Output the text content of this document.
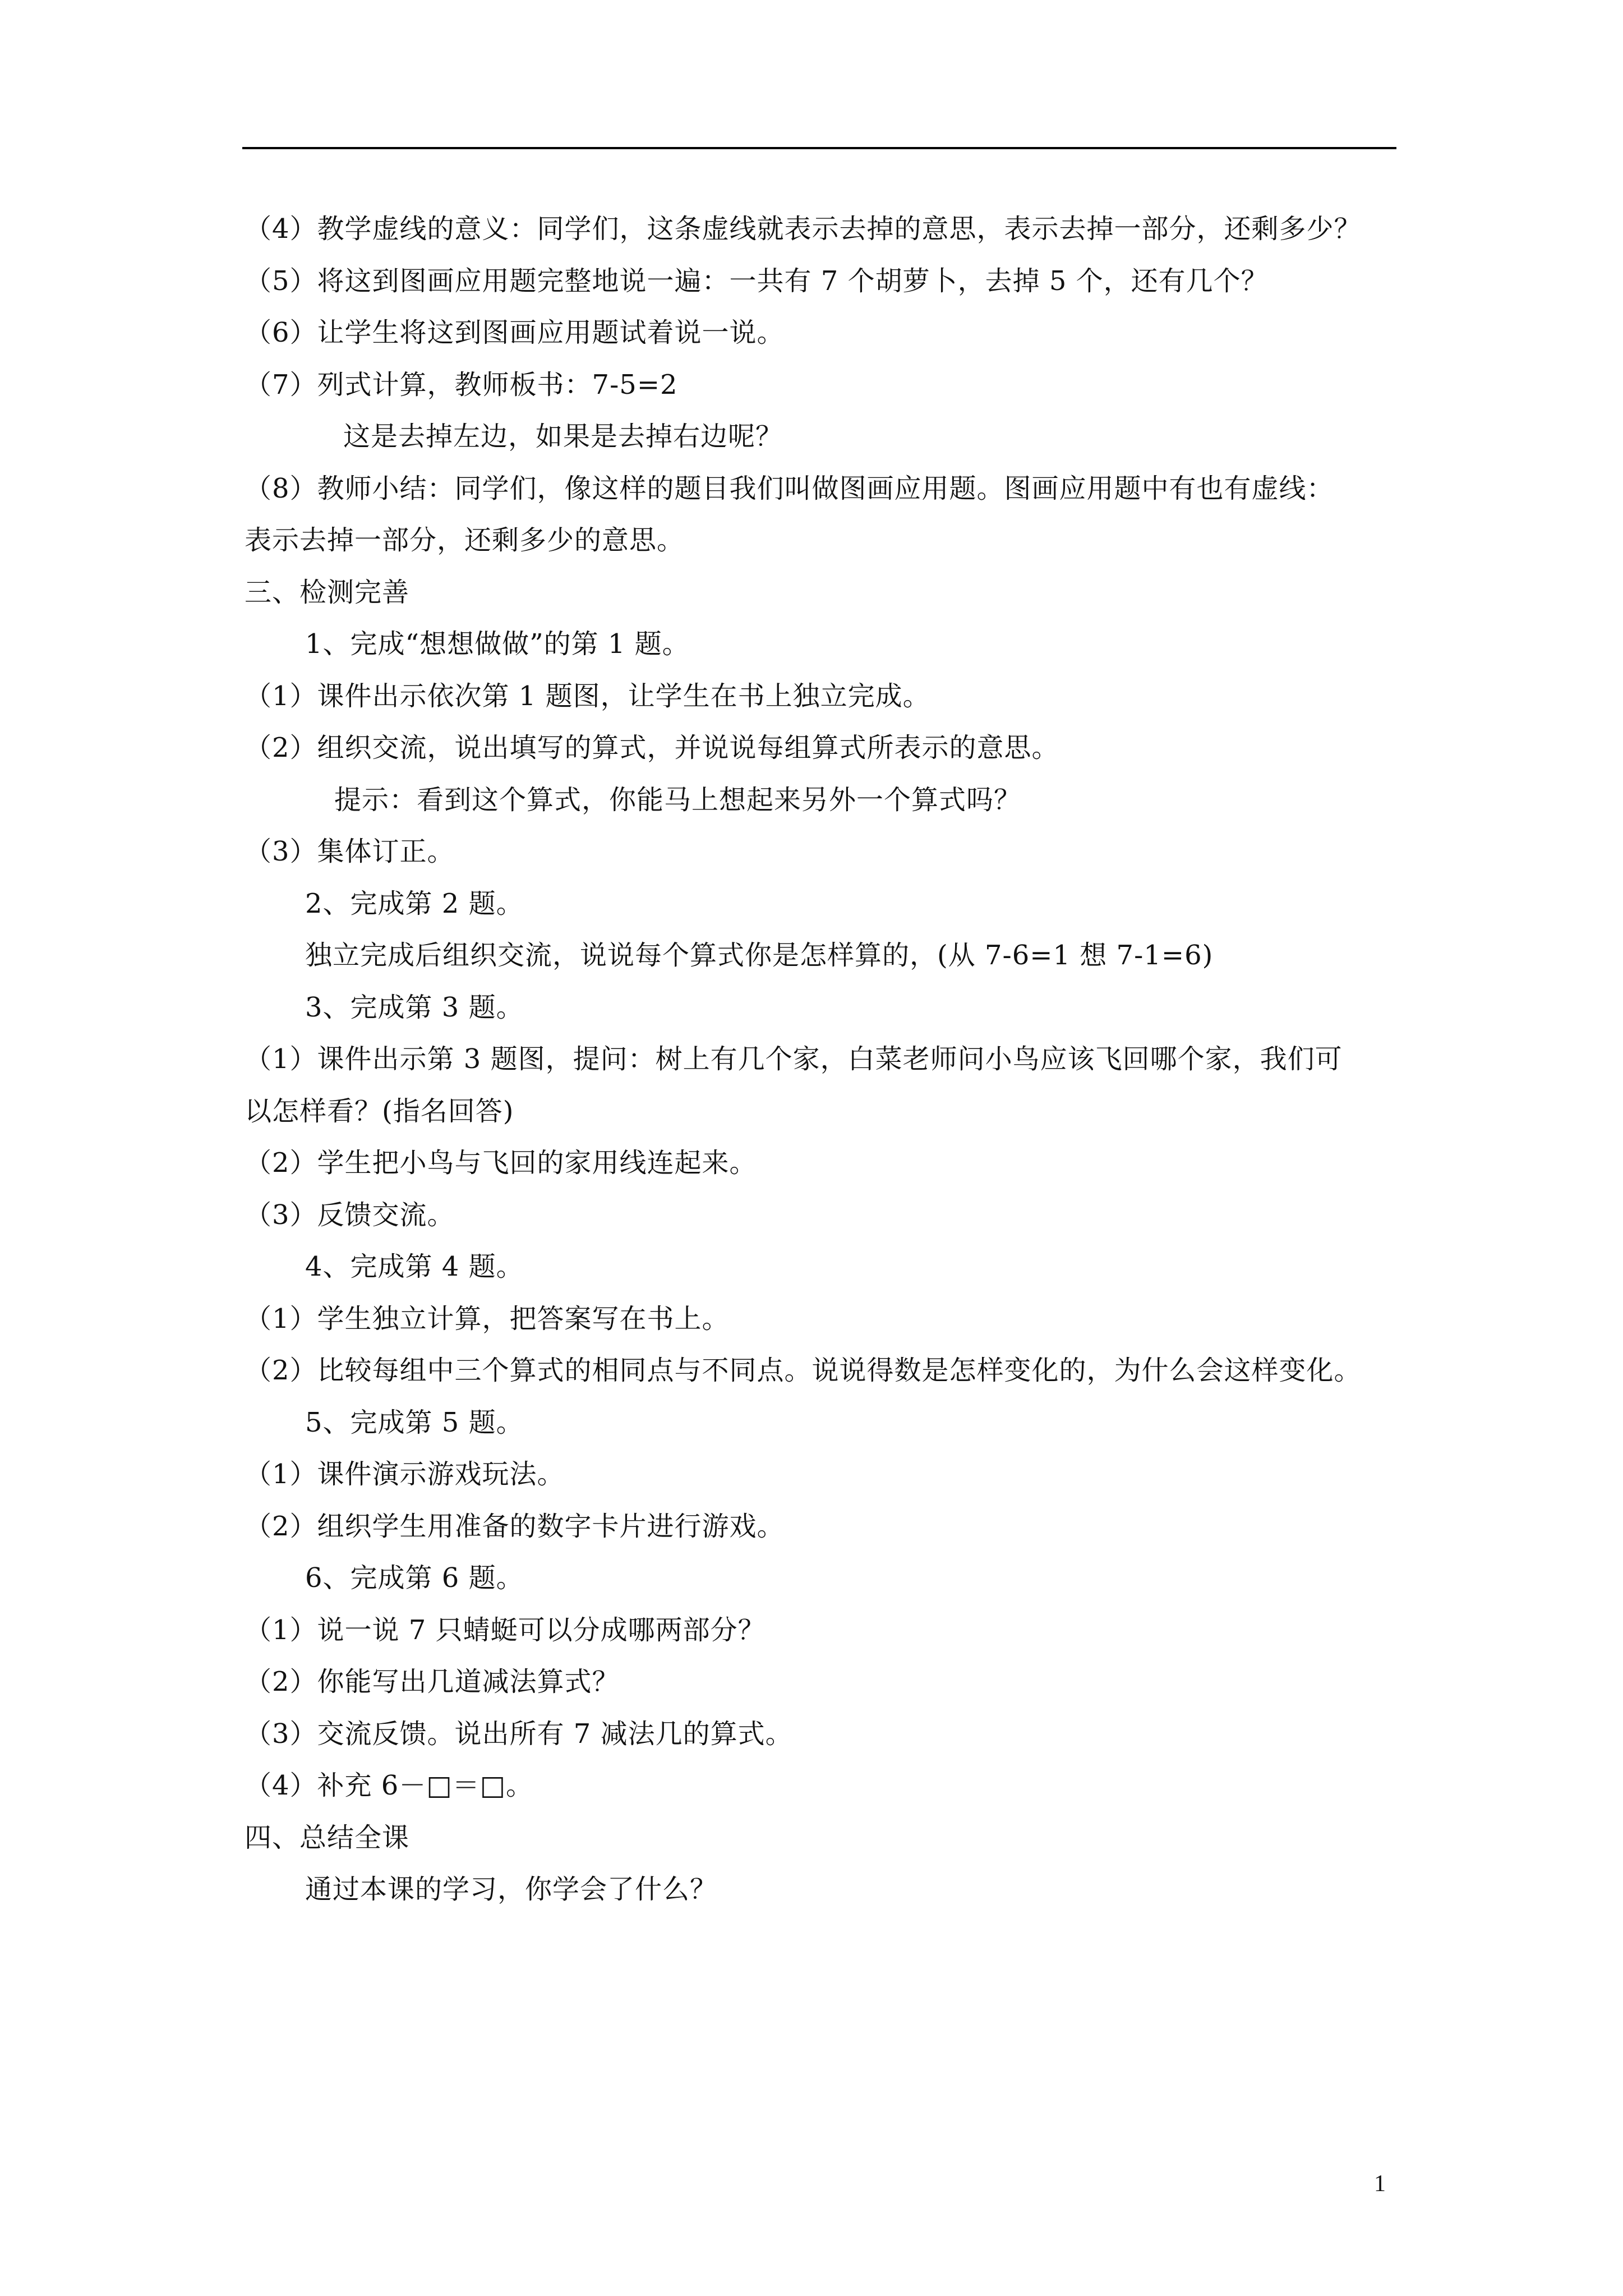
（4）教学虚线的意义：同学们，这条虚线就表示去掉的意思，表示去掉一部分，还剩多少？
（5）将这到图画应用题完整地说一遍：一共有 7 个胡萝卜，去掉 5 个，还有几个？
（6）让学生将这到图画应用题试着说一说。
（7）列式计算，教师板书：7-5=2
这是去掉左边，如果是去掉右边呢？
（8）教师小结：同学们，像这样的题目我们叫做图画应用题。图画应用题中有也有虚线：
表示去掉一部分，还剩多少的意思。
三、检测完善
1、完成“想想做做”的第 1 题。
（1）课件出示依次第 1 题图，让学生在书上独立完成。
（2）组织交流，说出填写的算式，并说说每组算式所表示的意思。
提示：看到这个算式，你能马上想起来另外一个算式吗？
（3）集体订正。
2、完成第 2 题。
独立完成后组织交流，说说每个算式你是怎样算的，(从 7-6=1 想 7-1=6)
3、完成第 3 题。
（1）课件出示第 3 题图，提问：树上有几个家，白菜老师问小鸟应该飞回哪个家，我们可
以怎样看？(指名回答)
（2）学生把小鸟与飞回的家用线连起来。
（3）反馈交流。
4、完成第 4 题。
（1）学生独立计算，把答案写在书上。
（2）比较每组中三个算式的相同点与不同点。说说得数是怎样变化的，为什么会这样变化。
5、完成第 5 题。
（1）课件演示游戏玩法。
（2）组织学生用准备的数字卡片进行游戏。
6、完成第 6 题。
（1）说一说 7 只蜻蜓可以分成哪两部分？
（2）你能写出几道减法算式？
（3）交流反馈。说出所有 7 减法几的算式。
（4）补充 6－□＝□。
四、总结全课
通过本课的学习，你学会了什么？
1
